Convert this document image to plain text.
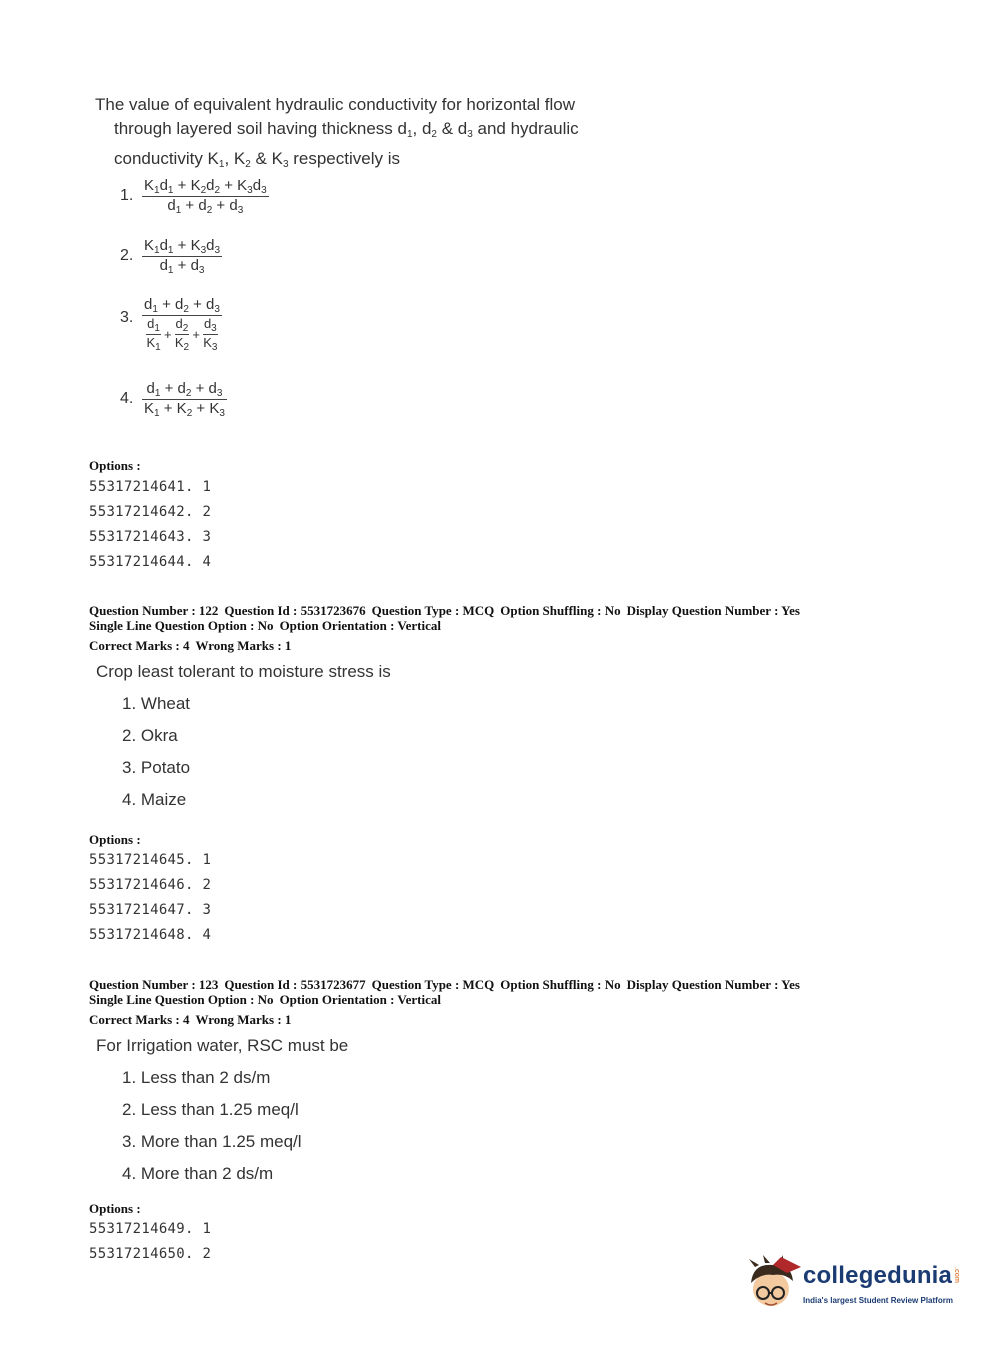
The value of equivalent hydraulic conductivity for horizontal flow
through layered soil having thickness $d_1$, $d_2$ & $d_3$ and hydraulic
conductivity $K_1$, $K_2$ & $K_3$ respectively is
1. $\frac{K_1d_1 + K_2d_2 + K_3d_3}{d_1 + d_2 + d_3}$
2. $\frac{K_1d_1 + K_3d_3}{d_1 + d_3}$
3. $\frac{d_1 + d_2 + d_3}{\frac{d_1}{K_1} + \frac{d_2}{K_2} + \frac{d_3}{K_3}}$
4. $\frac{d_1 + d_2 + d_3}{K_1 + K_2 + K_3}$
Options :
55317214641. 1
55317214642. 2
55317214643. 3
55317214644. 4
Question Number : 122 Question Id : 5531723676 Question Type : MCQ Option Shuffling : No Display Question Number : Yes
Single Line Question Option : No Option Orientation : Vertical
Correct Marks : 4 Wrong Marks : 1
Crop least tolerant to moisture stress is
1. Wheat
2. Okra
3. Potato
4. Maize
Options :
55317214645. 1
55317214646. 2
55317214647. 3
55317214648. 4
Question Number : 123 Question Id : 5531723677 Question Type : MCQ Option Shuffling : No Display Question Number : Yes
Single Line Question Option : No Option Orientation : Vertical
Correct Marks : 4 Wrong Marks : 1
For Irrigation water, RSC must be
1. Less than 2 ds/m
2. Less than 1.25 meq/l
3. More than 1.25 meq/l
4. More than 2 ds/m
Options :
55317214649. 1
55317214650. 2
collegedunia.com
India's largest Student Review Platform
